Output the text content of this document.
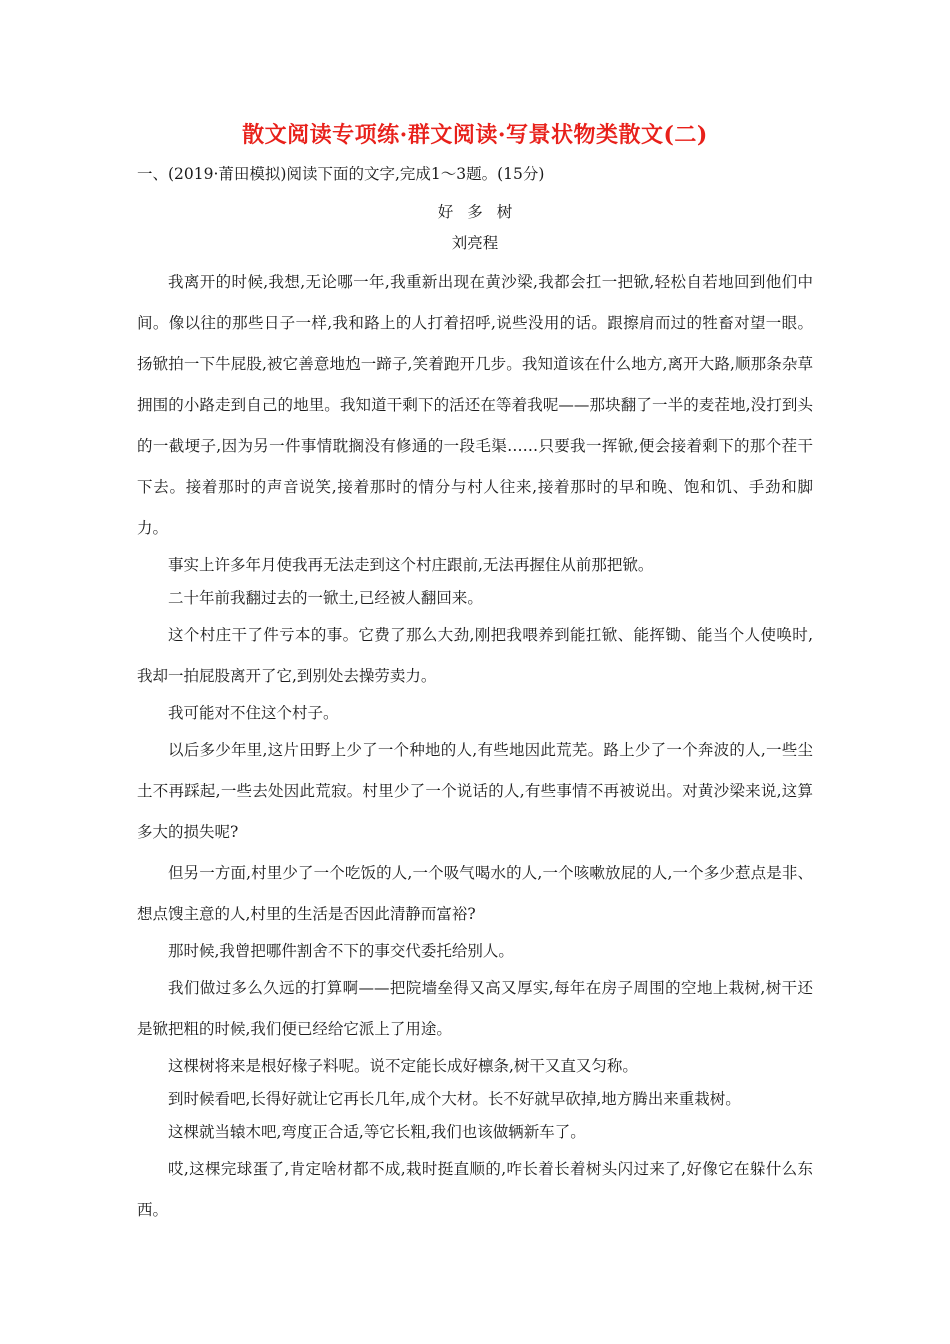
散文阅读专项练·群文阅读·写景状物类散文(二)
一、(2019·莆田模拟)阅读下面的文字,完成1～3题。(15分)
好多树
刘亮程

我离开的时候,我想,无论哪一年,我重新出现在黄沙梁,我都会扛一把锨,轻松自若地回到他们中间。像以往的那些日子一样,我和路上的人打着招呼,说些没用的话。跟擦肩而过的牲畜对望一眼。扬锨拍一下牛屁股,被它善意地尥一蹄子,笑着跑开几步。我知道该在什么地方,离开大路,顺那条杂草拥围的小路走到自己的地里。我知道干剩下的活还在等着我呢——那块翻了一半的麦茬地,没打到头的一截埂子,因为另一件事情耽搁没有修通的一段毛渠……只要我一挥锨,便会接着剩下的那个茬干下去。接着那时的声音说笑,接着那时的情分与村人往来,接着那时的早和晚、饱和饥、手劲和脚力。

事实上许多年月使我再无法走到这个村庄跟前,无法再握住从前那把锨。

二十年前我翻过去的一锨土,已经被人翻回来。

这个村庄干了件亏本的事。它费了那么大劲,刚把我喂养到能扛锨、能挥锄、能当个人使唤时,我却一拍屁股离开了它,到别处去操劳卖力。

我可能对不住这个村子。

以后多少年里,这片田野上少了一个种地的人,有些地因此荒芜。路上少了一个奔波的人,一些尘土不再踩起,一些去处因此荒寂。村里少了一个说话的人,有些事情不再被说出。对黄沙梁来说,这算多大的损失呢?

但另一方面,村里少了一个吃饭的人,一个吸气喝水的人,一个咳嗽放屁的人,一个多少惹点是非、想点馊主意的人,村里的生活是否因此清静而富裕?

那时候,我曾把哪件割舍不下的事交代委托给别人。

我们做过多么久远的打算啊——把院墙垒得又高又厚实,每年在房子周围的空地上栽树,树干还是锨把粗的时候,我们便已经给它派上了用途。

这棵树将来是根好椽子料呢。说不定能长成好檩条,树干又直又匀称。

到时候看吧,长得好就让它再长几年,成个大材。长不好就早砍掉,地方腾出来重栽树。

这棵就当辕木吧,弯度正合适,等它长粗,我们也该做辆新车了。

哎,这棵完球蛋了,肯定啥材都不成,栽时挺直顺的,咋长着长着树头闪过来了,好像它在躲什么东西。
